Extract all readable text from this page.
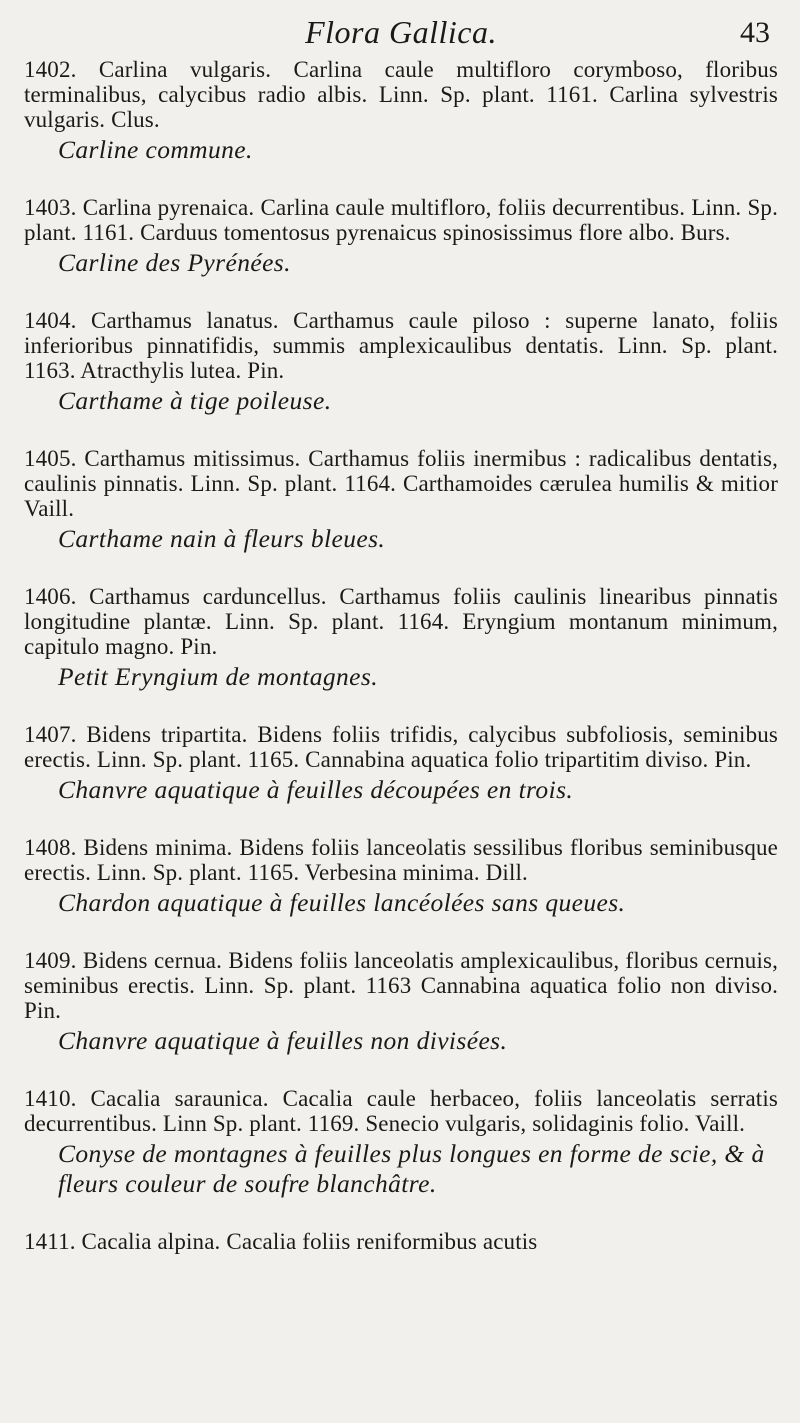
Flora Gallica.	43

1402. Carlina vulgaris. Carlina caule multifloro corymboso, floribus terminalibus, calycibus radio albis. Linn. Sp. plant. 1161. Carlina sylvestris vulgaris. Clus.

Carline commune.

1403. Carlina pyrenaica. Carlina caule multifloro, foliis decurrentibus. Linn. Sp. plant. 1161. Carduus tomentosus pyrenaicus spinosissimus flore albo. Burs.

Carline des Pyrénées.

1404. Carthamus lanatus. Carthamus caule piloso : superne lanato, foliis inferioribus pinnatifidis, summis amplexicaulibus dentatis. Linn. Sp. plant. 1163. Atracthylis lutea. Pin.

Carthame à tige poileuse.

1405. Carthamus mitissimus. Carthamus foliis inermibus : radicalibus dentatis, caulinis pinnatis. Linn. Sp. plant. 1164. Carthamoides cærulea humilis & mitior Vaill.

Carthame nain à fleurs bleues.

1406. Carthamus carduncellus. Carthamus foliis caulinis linearibus pinnatis longitudine plantæ. Linn. Sp. plant. 1164. Eryngium montanum minimum, capitulo magno. Pin.

Petit Eryngium de montagnes.

1407. Bidens tripartita. Bidens foliis trifidis, calycibus subfoliosis, seminibus erectis. Linn. Sp. plant. 1165. Cannabina aquatica folio tripartitim diviso. Pin.

Chanvre aquatique à feuilles découpées en trois.

1408. Bidens minima. Bidens foliis lanceolatis sessilibus floribus seminibusque erectis. Linn. Sp. plant. 1165. Verbesina minima. Dill.

Chardon aquatique à feuilles lancéolées sans queues.

1409. Bidens cernua. Bidens foliis lanceolatis amplexicaulibus, floribus cernuis, seminibus erectis. Linn. Sp. plant. 1163 Cannabina aquatica folio non diviso. Pin.

Chanvre aquatique à feuilles non divisées.

1410. Cacalia saraunica. Cacalia caule herbaceo, foliis lanceolatis serratis decurrentibus. Linn Sp. plant. 1169. Senecio vulgaris, solidaginis folio. Vaill.

Conyse de montagnes à feuilles plus longues en forme de scie, & à fleurs couleur de soufre blanchâtre.

1411. Cacalia alpina. Cacalia foliis reniformibus acutis
